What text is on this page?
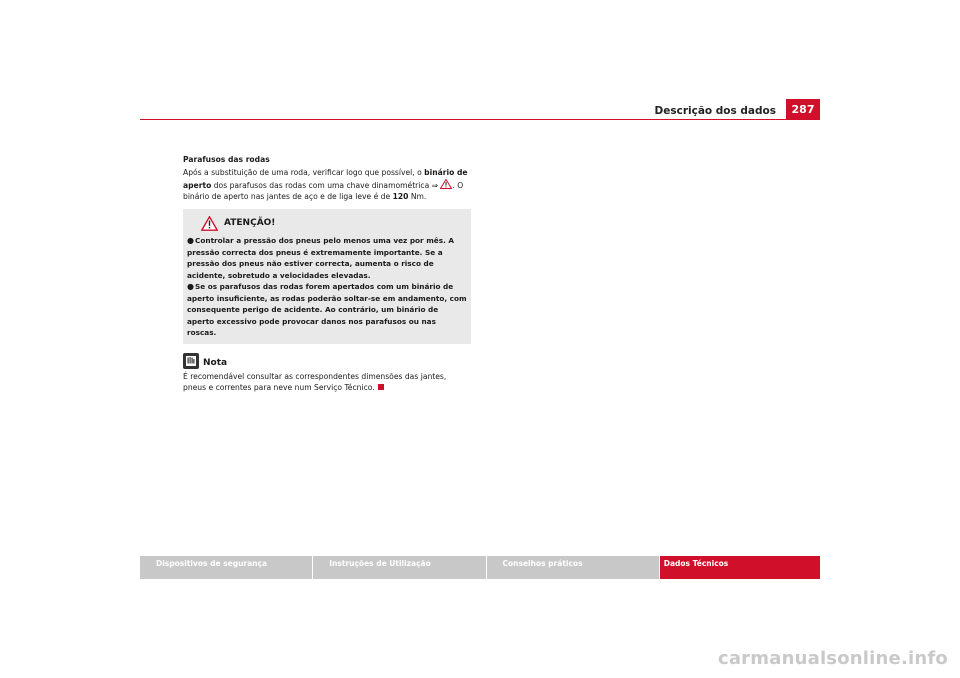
Descrição dos dados	287
Parafusos das rodas

Após a substituição de uma roda, verificar logo que possível, o binário de aperto dos parafusos das rodas com uma chave dinamométrica ⇒ . O binário de aperto nas jantes de aço e de liga leve é de 120 Nm.

ATENÇÃO!

●Controlar a pressão dos pneus pelo menos uma vez por mês. A pressão correcta dos pneus é extremamente importante. Se a pressão dos pneus não estiver correcta, aumenta o risco de acidente, sobretudo a velocidades elevadas.

●Se os parafusos das rodas forem apertados com um binário de aperto insuficiente, as rodas poderão soltar-se em andamento, com consequente perigo de acidente. Ao contrário, um binário de aperto excessivo pode provocar danos nos parafusos ou nas roscas.

Nota

É recomendável consultar as correspondentes dimensões das jantes, pneus e correntes para neve num Serviço Técnico.

Dispositivos de segurança	Instruções de Utilização	Conselhos práticos	Dados Técnicos
carmanualsonline.info
